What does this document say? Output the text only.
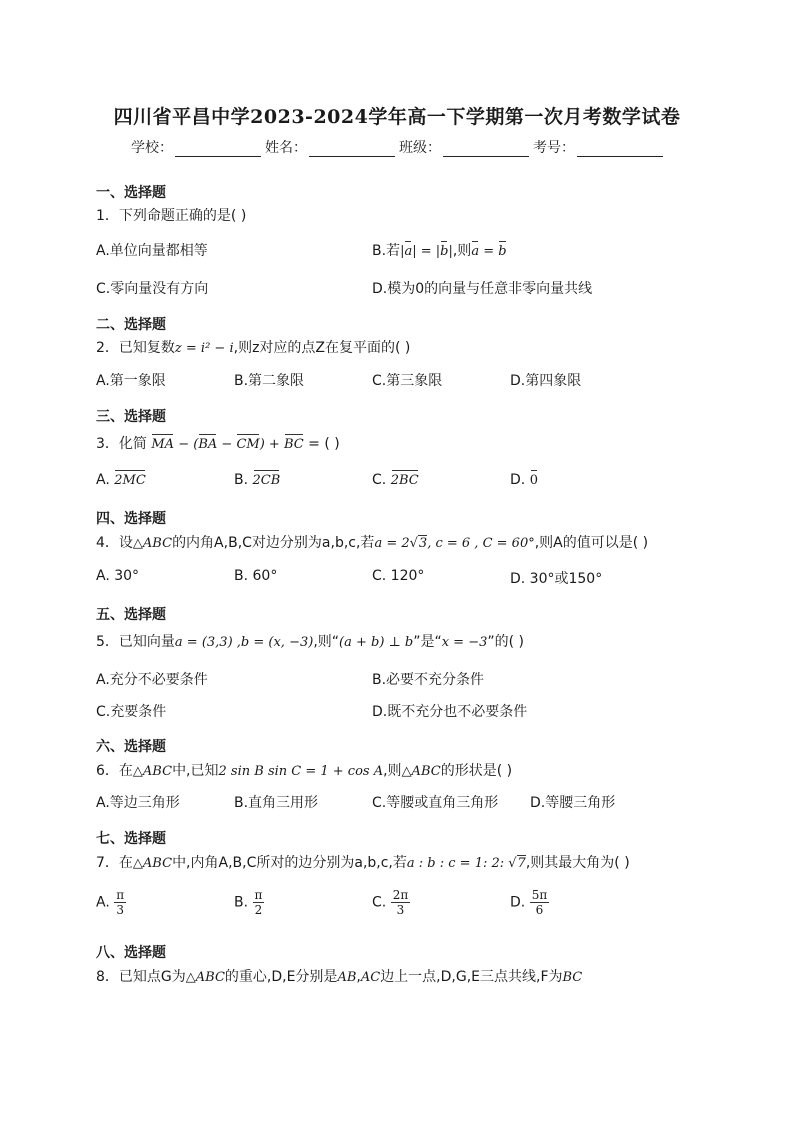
四川省平昌中学2023-2024学年高一下学期第一次月考数学试卷
学校：	姓名：	班级：	考号：
一、选择题
1．下列命题正确的是( )
A.单位向量都相等	B.若|a| = |b|,则a = b
C.零向量没有方向	D.模为0的向量与任意非零向量共线
二、选择题
2．已知复数z = i² − i,则z对应的点Z在复平面的( )
A.第一象限	B.第二象限	C.第三象限	D.第四象限
三、选择题
3．化简 MA − (BA − CM) + BC = ( )
A. 2MC	B. 2CB	C. 2BC	D. 0
四、选择题
4．设△ABC的内角A,B,C对边分别为a,b,c,若a = 2√3, c = 6 , C = 60°,则A的值可以是( )
A. 30°	B. 60°	C. 120°	D. 30°或150°
五、选择题
5．已知向量a = (3,3) ,b = (x, −3),则“(a + b) ⊥ b”是“x = −3”的( )
A.充分不必要条件	B.必要不充分条件
C.充要条件	D.既不充分也不必要条件
六、选择题
6．在△ABC中,已知2 sin B sin C = 1 + cos A,则△ABC的形状是( )
A.等边三角形	B.直角三用形	C.等腰或直角三角形 D.等腰三角形
七、选择题
7．在△ABC中,内角A,B,C所对的边分别为a,b,c,若a : b : c = 1: 2: √7,则其最大角为( )
A. $\frac{\pi}{3}$	B. $\frac{\pi}{2}$	C. $\frac{2\pi}{3}$	D. $\frac{5\pi}{6}$
八、选择题
8．已知点G为△ABC的重心,D,E分别是AB,AC边上一点,D,G,E三点共线,F为BC
